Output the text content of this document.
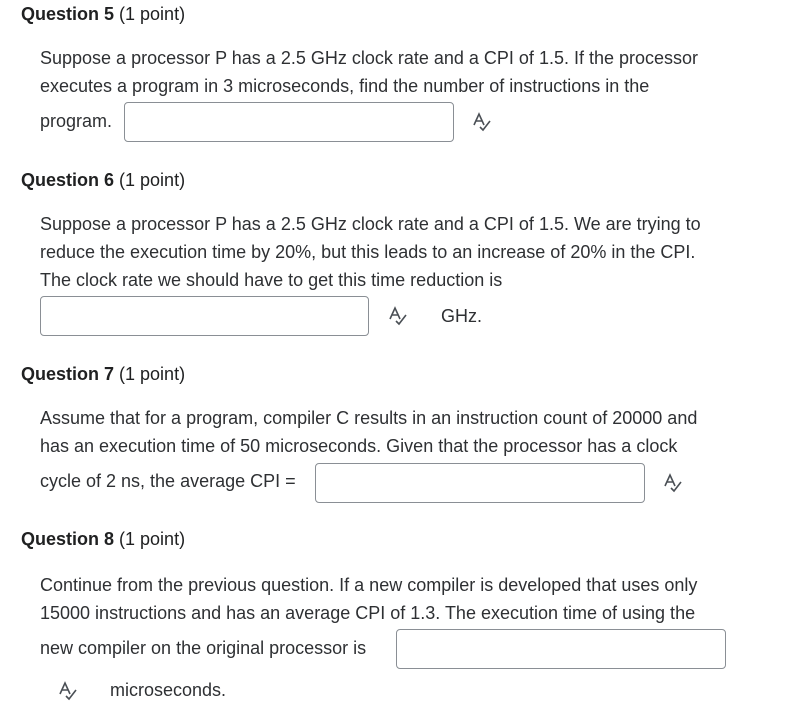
Question 5 (1 point)
Suppose a processor P has a 2.5 GHz clock rate and a CPI of 1.5. If the processor
executes a program in 3 microseconds, find the number of instructions in the
program.
Question 6 (1 point)
Suppose a processor P has a 2.5 GHz clock rate and a CPI of 1.5. We are trying to
reduce the execution time by 20%, but this leads to an increase of 20% in the CPI.
The clock rate we should have to get this time reduction is
GHz.
Question 7 (1 point)
Assume that for a program, compiler C results in an instruction count of 20000 and
has an execution time of 50 microseconds. Given that the processor has a clock
cycle of 2 ns, the average CPI =
Question 8 (1 point)
Continue from the previous question. If a new compiler is developed that uses only
15000 instructions and has an average CPI of 1.3. The execution time of using the
new compiler on the original processor is
microseconds.
